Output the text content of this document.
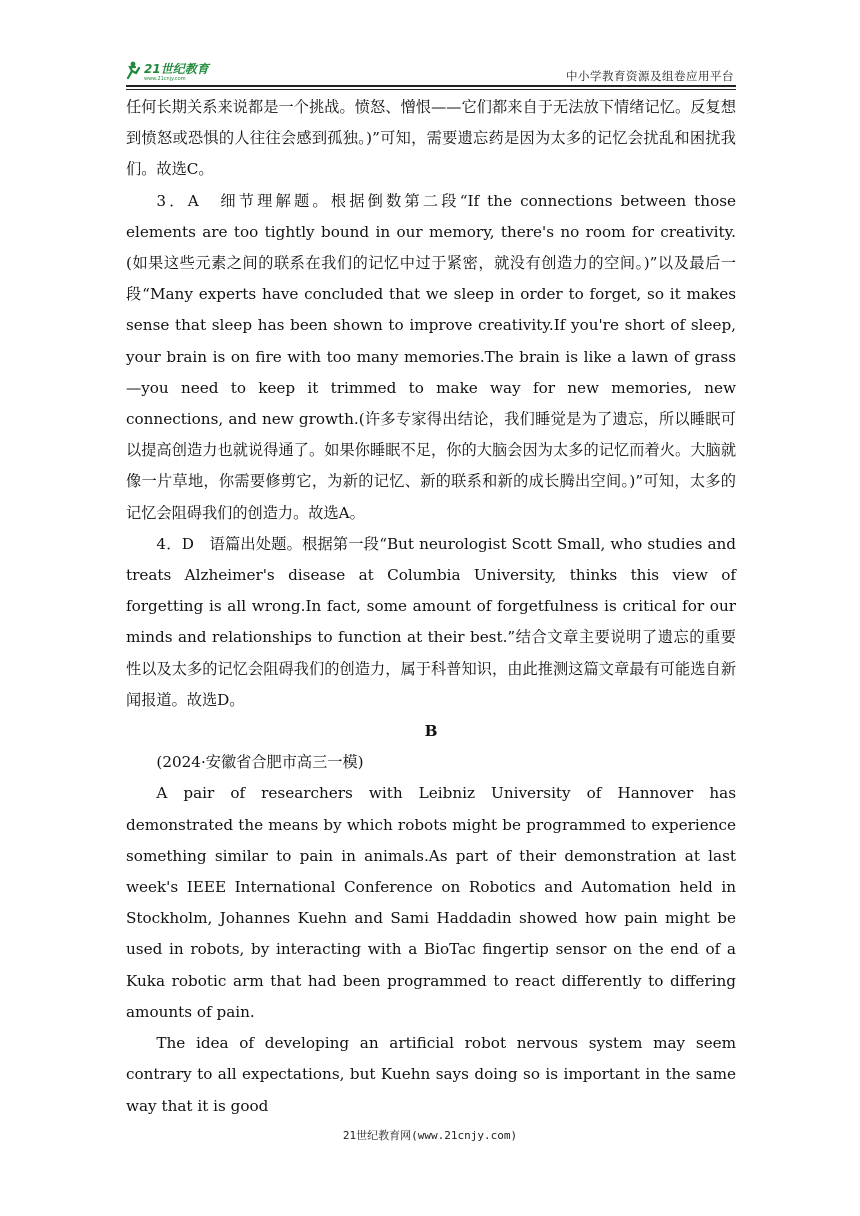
21世纪教育
www.21cnjy.com	中小学教育资源及组卷应用平台

任何长期关系来说都是一个挑战。愤怒、憎恨——它们都来自于无法放下情绪记忆。反复想到愤怒或恐惧的人往往会感到孤独。)”可知，需要遗忘药是因为太多的记忆会扰乱和困扰我们。故选C。

3．A　细节理解题。根据倒数第二段“If the connections between those elements are too tightly bound in our memory, there's no room for creativity.(如果这些元素之间的联系在我们的记忆中过于紧密，就没有创造力的空间。)”以及最后一段“Many experts have concluded that we sleep in order to forget, so it makes sense that sleep has been shown to improve creativity.If you're short of sleep, your brain is on fire with too many memories.The brain is like a lawn of grass—you need to keep it trimmed to make way for new memories, new connections, and new growth.(许多专家得出结论，我们睡觉是为了遗忘，所以睡眠可以提高创造力也就说得通了。如果你睡眠不足，你的大脑会因为太多的记忆而着火。大脑就像一片草地，你需要修剪它，为新的记忆、新的联系和新的成长腾出空间。)”可知，太多的记忆会阻碍我们的创造力。故选A。

4．D　语篇出处题。根据第一段“But neurologist Scott Small, who studies and treats Alzheimer's disease at Columbia University, thinks this view of forgetting is all wrong.In fact, some amount of forgetfulness is critical for our minds and relationships to function at their best.”结合文章主要说明了遗忘的重要性以及太多的记忆会阻碍我们的创造力，属于科普知识，由此推测这篇文章最有可能选自新闻报道。故选D。

B

(2024·安徽省合肥市高三一模)

A pair of researchers with Leibniz University of Hannover has demonstrated the means by which robots might be programmed to experience something similar to pain in animals.As part of their demonstration at last week's IEEE International Conference on Robotics and Automation held in Stockholm, Johannes Kuehn and Sami Haddadin showed how pain might be used in robots, by interacting with a BioTac fingertip sensor on the end of a Kuka robotic arm that had been programmed to react differently to differing amounts of pain.

The idea of developing an artificial robot nervous system may seem contrary to all expectations, but Kuehn says doing so is important in the same way that it is good

21世纪教育网(www.21cnjy.com)
